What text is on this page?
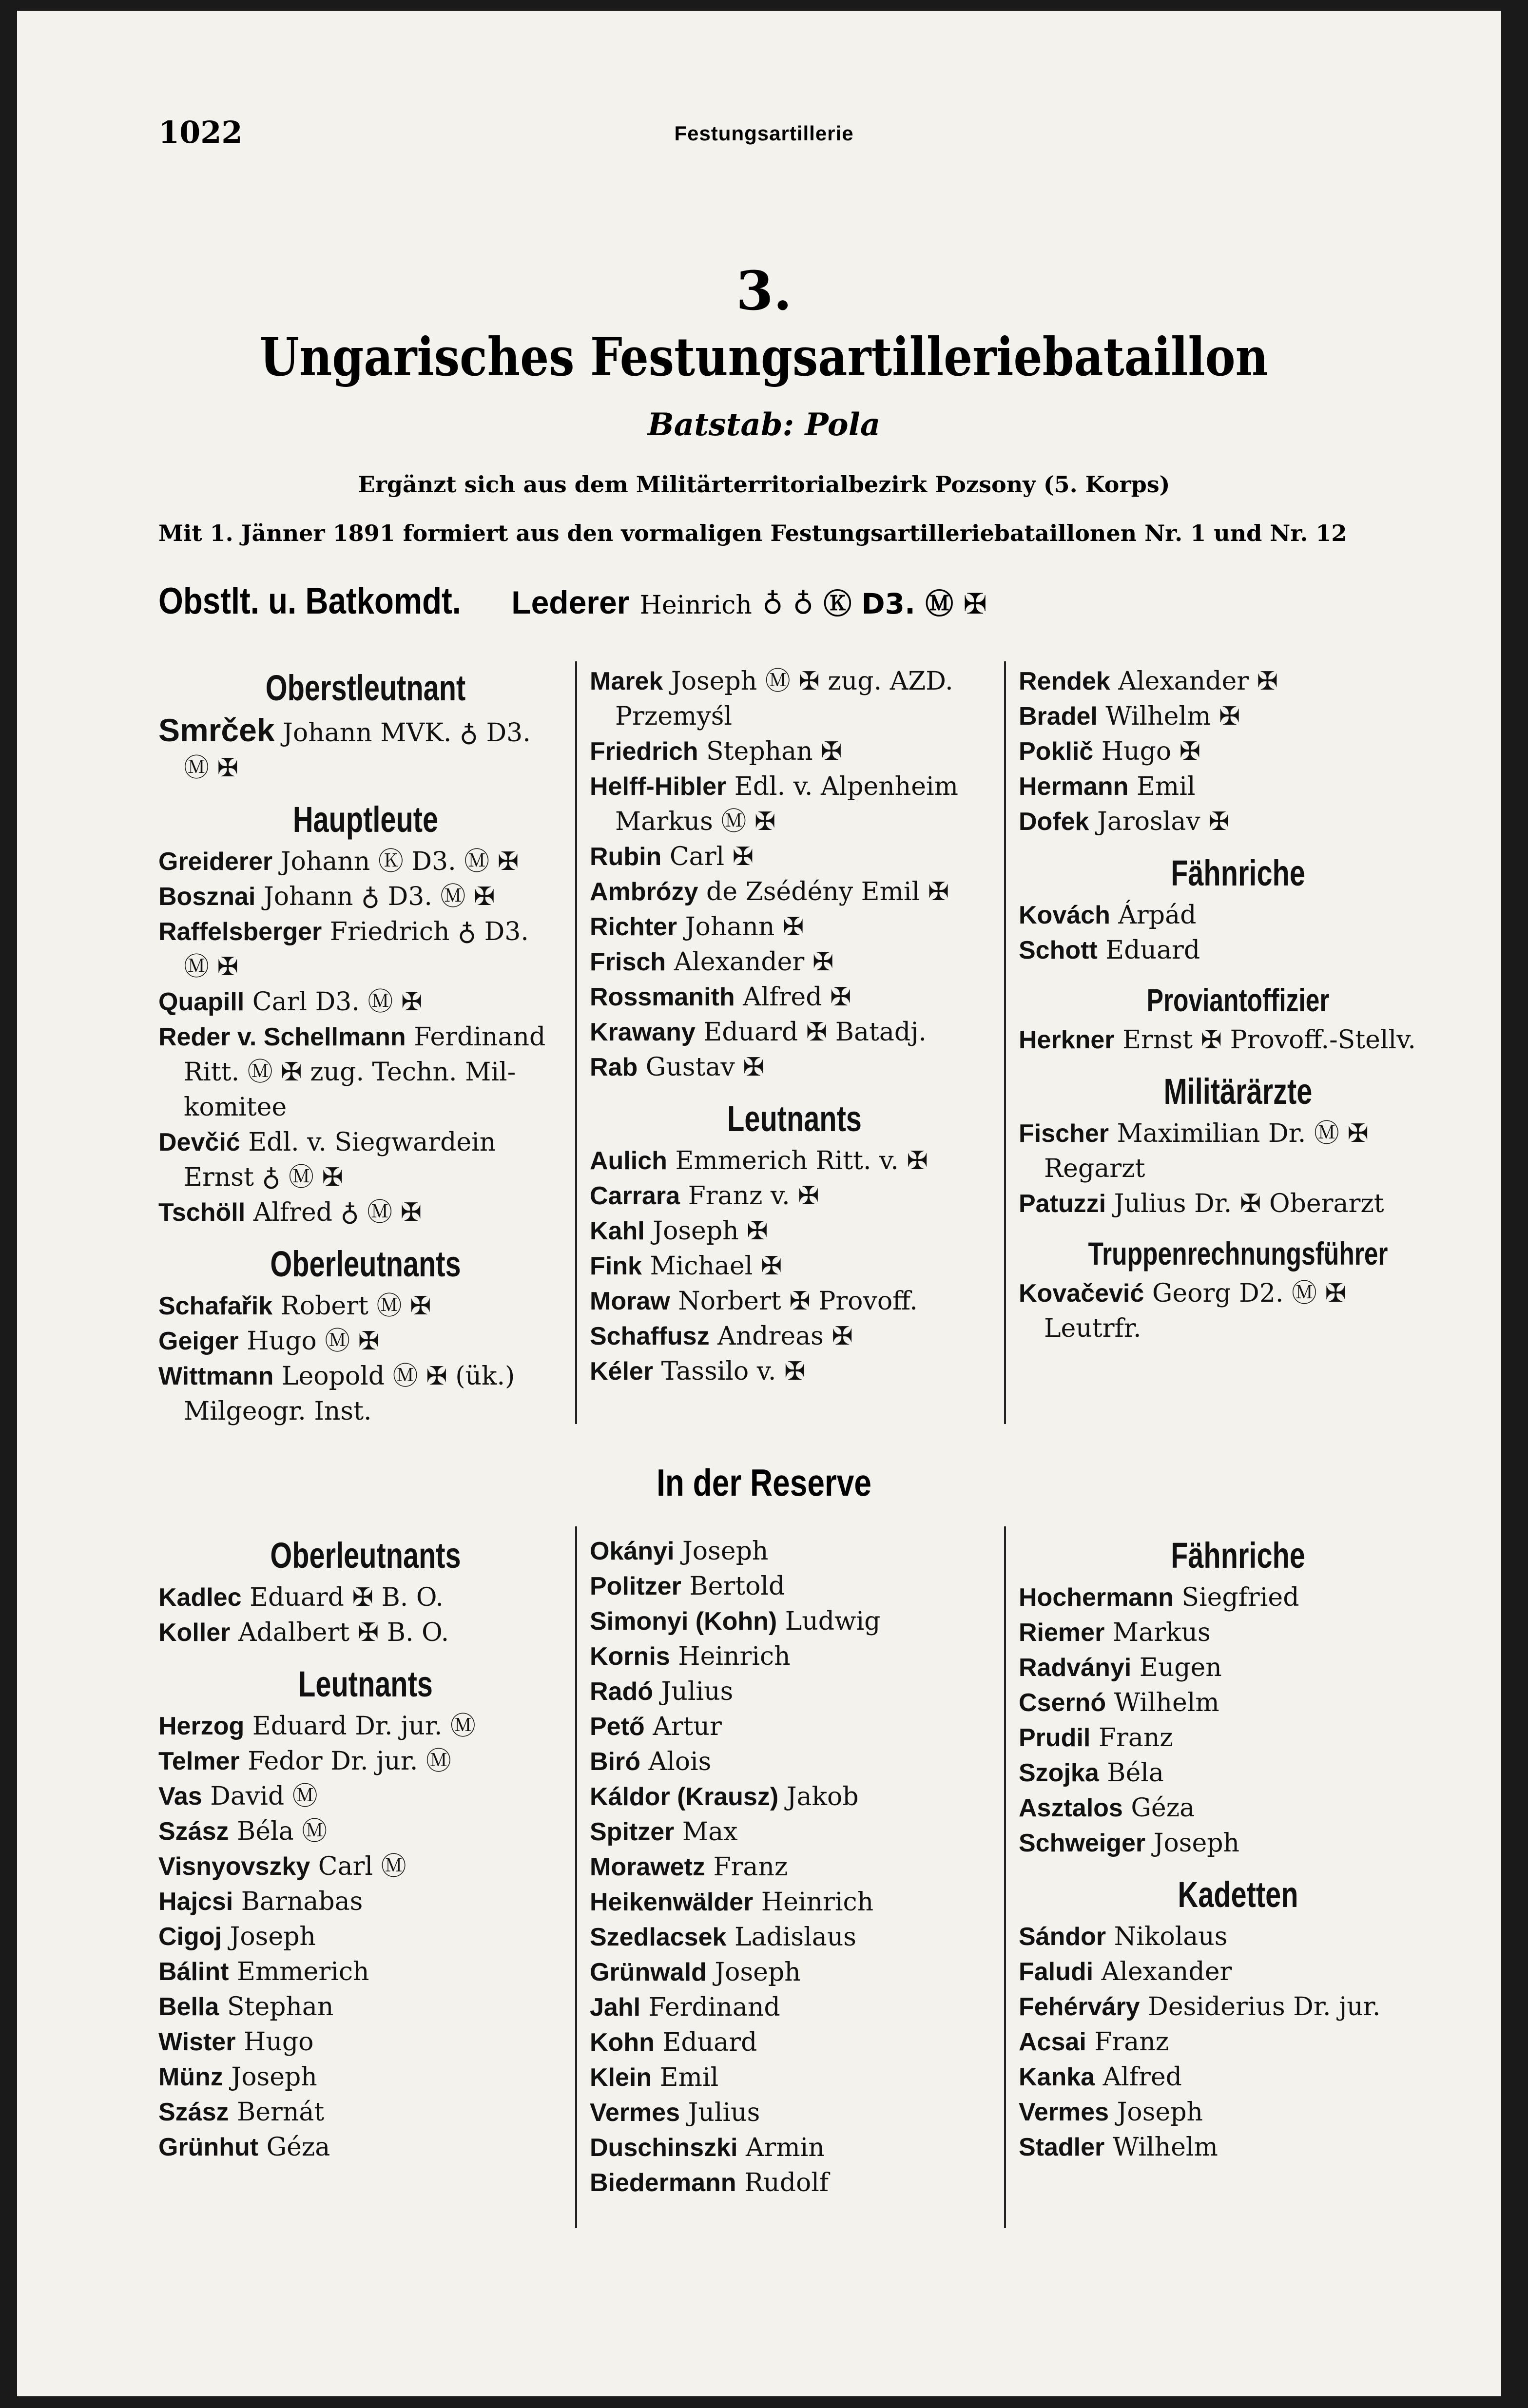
1022	Festungsartillerie
3.
Ungarisches Festungsartilleriebataillon
Batstab: Pola
Ergänzt sich aus dem Militärterritorialbezirk Pozsony (5. Korps)
Mit 1. Jänner 1891 formiert aus den vormaligen Festungsartilleriebataillonen Nr. 1 und Nr. 12
Obstlt. u. Batkomdt. Lederer Heinrich ♁ ♁ Ⓚ D3. Ⓜ ✠
Oberstleutnant
Smrček Johann MVK. ♁ D3.
Ⓜ ✠
Hauptleute
Greiderer Johann Ⓚ D3. Ⓜ ✠
Bosznai Johann ♁ D3. Ⓜ ✠
Raffelsberger Friedrich ♁ D3.
Ⓜ ✠
Quapill Carl D3. Ⓜ ✠
Reder v. Schellmann Ferdinand
Ritt. Ⓜ ✠ zug. Techn. Mil-
komitee
Devčić Edl. v. Siegwardein
Ernst ♁ Ⓜ ✠
Tschöll Alfred ♁ Ⓜ ✠
Oberleutnants
Schafařik Robert Ⓜ ✠
Geiger Hugo Ⓜ ✠
Wittmann Leopold Ⓜ ✠ (ük.)
Milgeogr. Inst.
Marek Joseph Ⓜ ✠ zug. AZD.
Przemyśl
Friedrich Stephan ✠
Helff-Hibler Edl. v. Alpenheim
Markus Ⓜ ✠
Rubin Carl ✠
Ambrózy de Zsédény Emil ✠
Richter Johann ✠
Frisch Alexander ✠
Rossmanith Alfred ✠
Krawany Eduard ✠ Batadj.
Rab Gustav ✠
Leutnants
Aulich Emmerich Ritt. v. ✠
Carrara Franz v. ✠
Kahl Joseph ✠
Fink Michael ✠
Moraw Norbert ✠ Provoff.
Schaffusz Andreas ✠
Kéler Tassilo v. ✠
Rendek Alexander ✠
Bradel Wilhelm ✠
Poklič Hugo ✠
Hermann Emil
Dofek Jaroslav ✠
Fähnriche
Kovách Árpád
Schott Eduard
Proviantoffizier
Herkner Ernst ✠ Provoff.-Stellv.
Militärärzte
Fischer Maximilian Dr. Ⓜ ✠
Regarzt
Patuzzi Julius Dr. ✠ Oberarzt
Truppenrechnungsführer
Kovačević Georg D2. Ⓜ ✠
Leutrfr.
In der Reserve
Oberleutnants
Kadlec Eduard ✠ B. O.
Koller Adalbert ✠ B. O.
Leutnants
Herzog Eduard Dr. jur. Ⓜ
Telmer Fedor Dr. jur. Ⓜ
Vas David Ⓜ
Szász Béla Ⓜ
Visnyovszky Carl Ⓜ
Hajcsi Barnabas
Cigoj Joseph
Bálint Emmerich
Bella Stephan
Wister Hugo
Münz Joseph
Szász Bernát
Grünhut Géza
Okányi Joseph
Politzer Bertold
Simonyi (Kohn) Ludwig
Kornis Heinrich
Radó Julius
Pető Artur
Biró Alois
Káldor (Krausz) Jakob
Spitzer Max
Morawetz Franz
Heikenwälder Heinrich
Szedlacsek Ladislaus
Grünwald Joseph
Jahl Ferdinand
Kohn Eduard
Klein Emil
Vermes Julius
Duschinszki Armin
Biedermann Rudolf
Fähnriche
Hochermann Siegfried
Riemer Markus
Radványi Eugen
Csernó Wilhelm
Prudil Franz
Szojka Béla
Asztalos Géza
Schweiger Joseph
Kadetten
Sándor Nikolaus
Faludi Alexander
Fehérváry Desiderius Dr. jur.
Acsai Franz
Kanka Alfred
Vermes Joseph
Stadler Wilhelm
